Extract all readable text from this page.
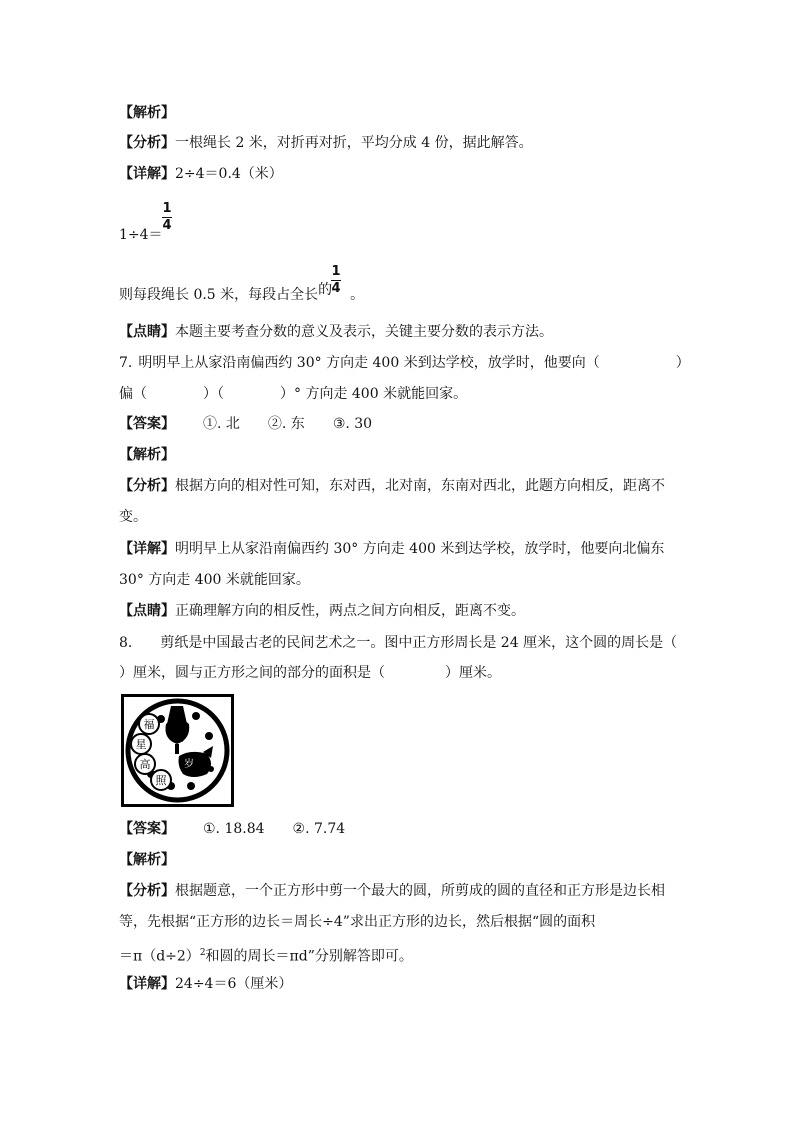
【解析】
【分析】一根绳长 2 米，对折再对折，平均分成 4 份，据此解答。
【详解】2÷4＝0.4（米）
1÷4＝
1
4
则每段绳长 0.5 米，每段占全长的 。
1
4
【点睛】本题主要考查分数的意义及表示，关键主要分数的表示方法。
7. 明明早上从家沿南偏西约 30° 方向走 400 米到达学校，放学时，他要向（	）
偏（	）（	）° 方向走 400 米就能回家。
【答案】 ①. 北 ②. 东 ③. 30
【解析】
【分析】根据方向的相对性可知，东对西，北对南，东南对西北，此题方向相反，距离不
变。
【详解】明明早上从家沿南偏西约 30° 方向走 400 米到达学校，放学时，他要向北偏东
30° 方向走 400 米就能回家。
【点睛】正确理解方向的相反性，两点之间方向相反，距离不变。
8. 剪纸是中国最古老的民间艺术之一。图中正方形周长是 24 厘米，这个圆的周长是（
）厘米，圆与正方形之间的部分的面积是（	）厘米。
福
星
高
照
岁
【答案】 ①. 18.84 ②. 7.74
【解析】
【分析】根据题意，一个正方形中剪一个最大的圆，所剪成的圆的直径和正方形是边长相
等，先根据“正方形的边长＝周长÷4”求出正方形的边长，然后根据“圆的面积
$=\pi(d\div 2)^2$和圆的周长＝πd”分别解答即可。
【详解】24÷4＝6（厘米）
